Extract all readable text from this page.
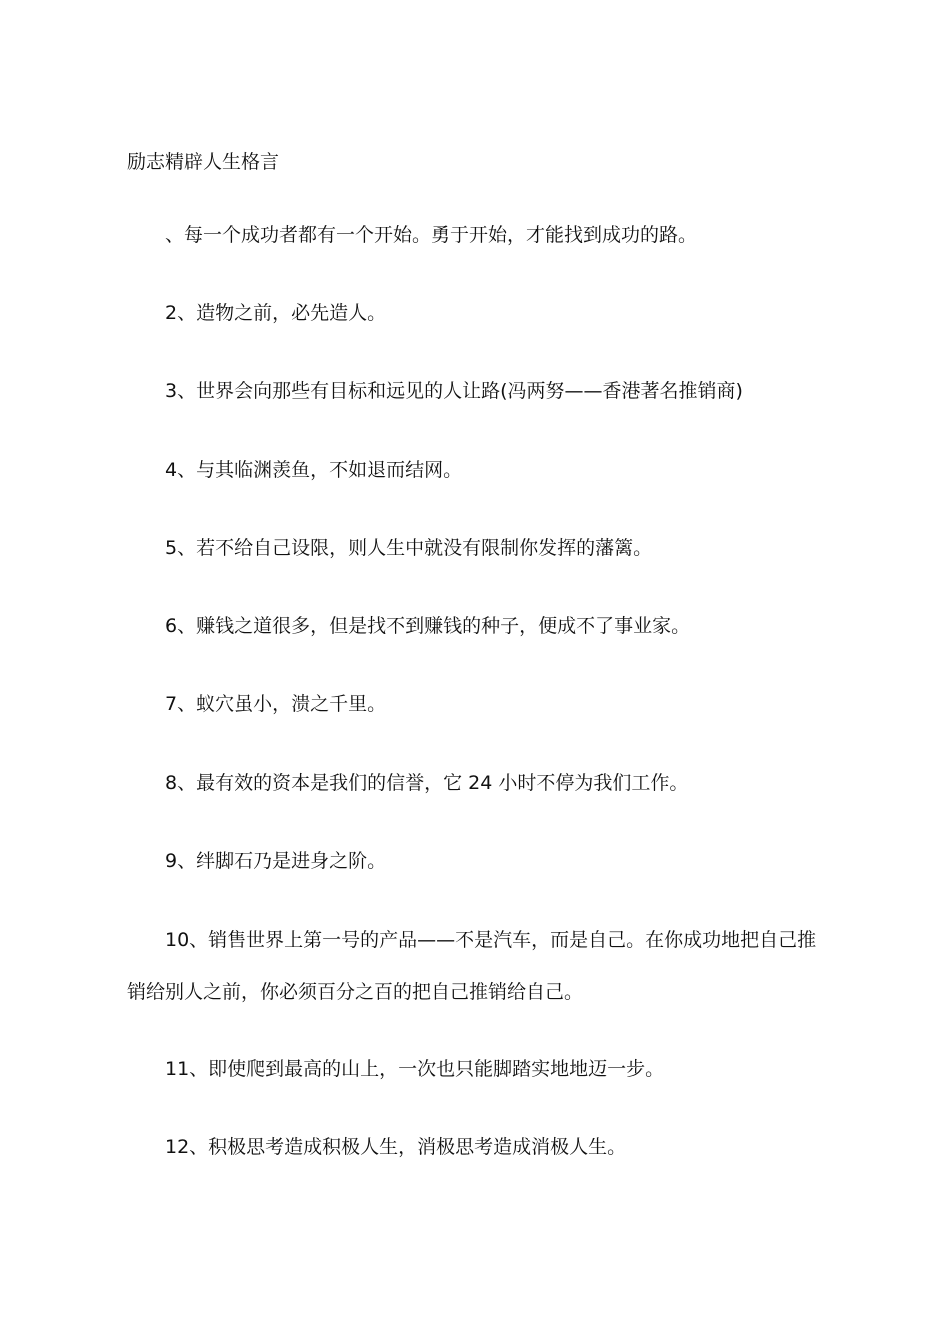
励志精辟人生格言

、每一个成功者都有一个开始。勇于开始，才能找到成功的路。

2、造物之前，必先造人。

3、世界会向那些有目标和远见的人让路(冯两努——香港著名推销商)

4、与其临渊羡鱼，不如退而结网。

5、若不给自己设限，则人生中就没有限制你发挥的藩篱。

6、赚钱之道很多，但是找不到赚钱的种子，便成不了事业家。

7、蚁穴虽小，溃之千里。

8、最有效的资本是我们的信誉，它 24 小时不停为我们工作。

9、绊脚石乃是进身之阶。

10、销售世界上第一号的产品——不是汽车，而是自己。在你成功地把自己推销给别人之前，你必须百分之百的把自己推销给自己。

11、即使爬到最高的山上，一次也只能脚踏实地地迈一步。

12、积极思考造成积极人生，消极思考造成消极人生。
